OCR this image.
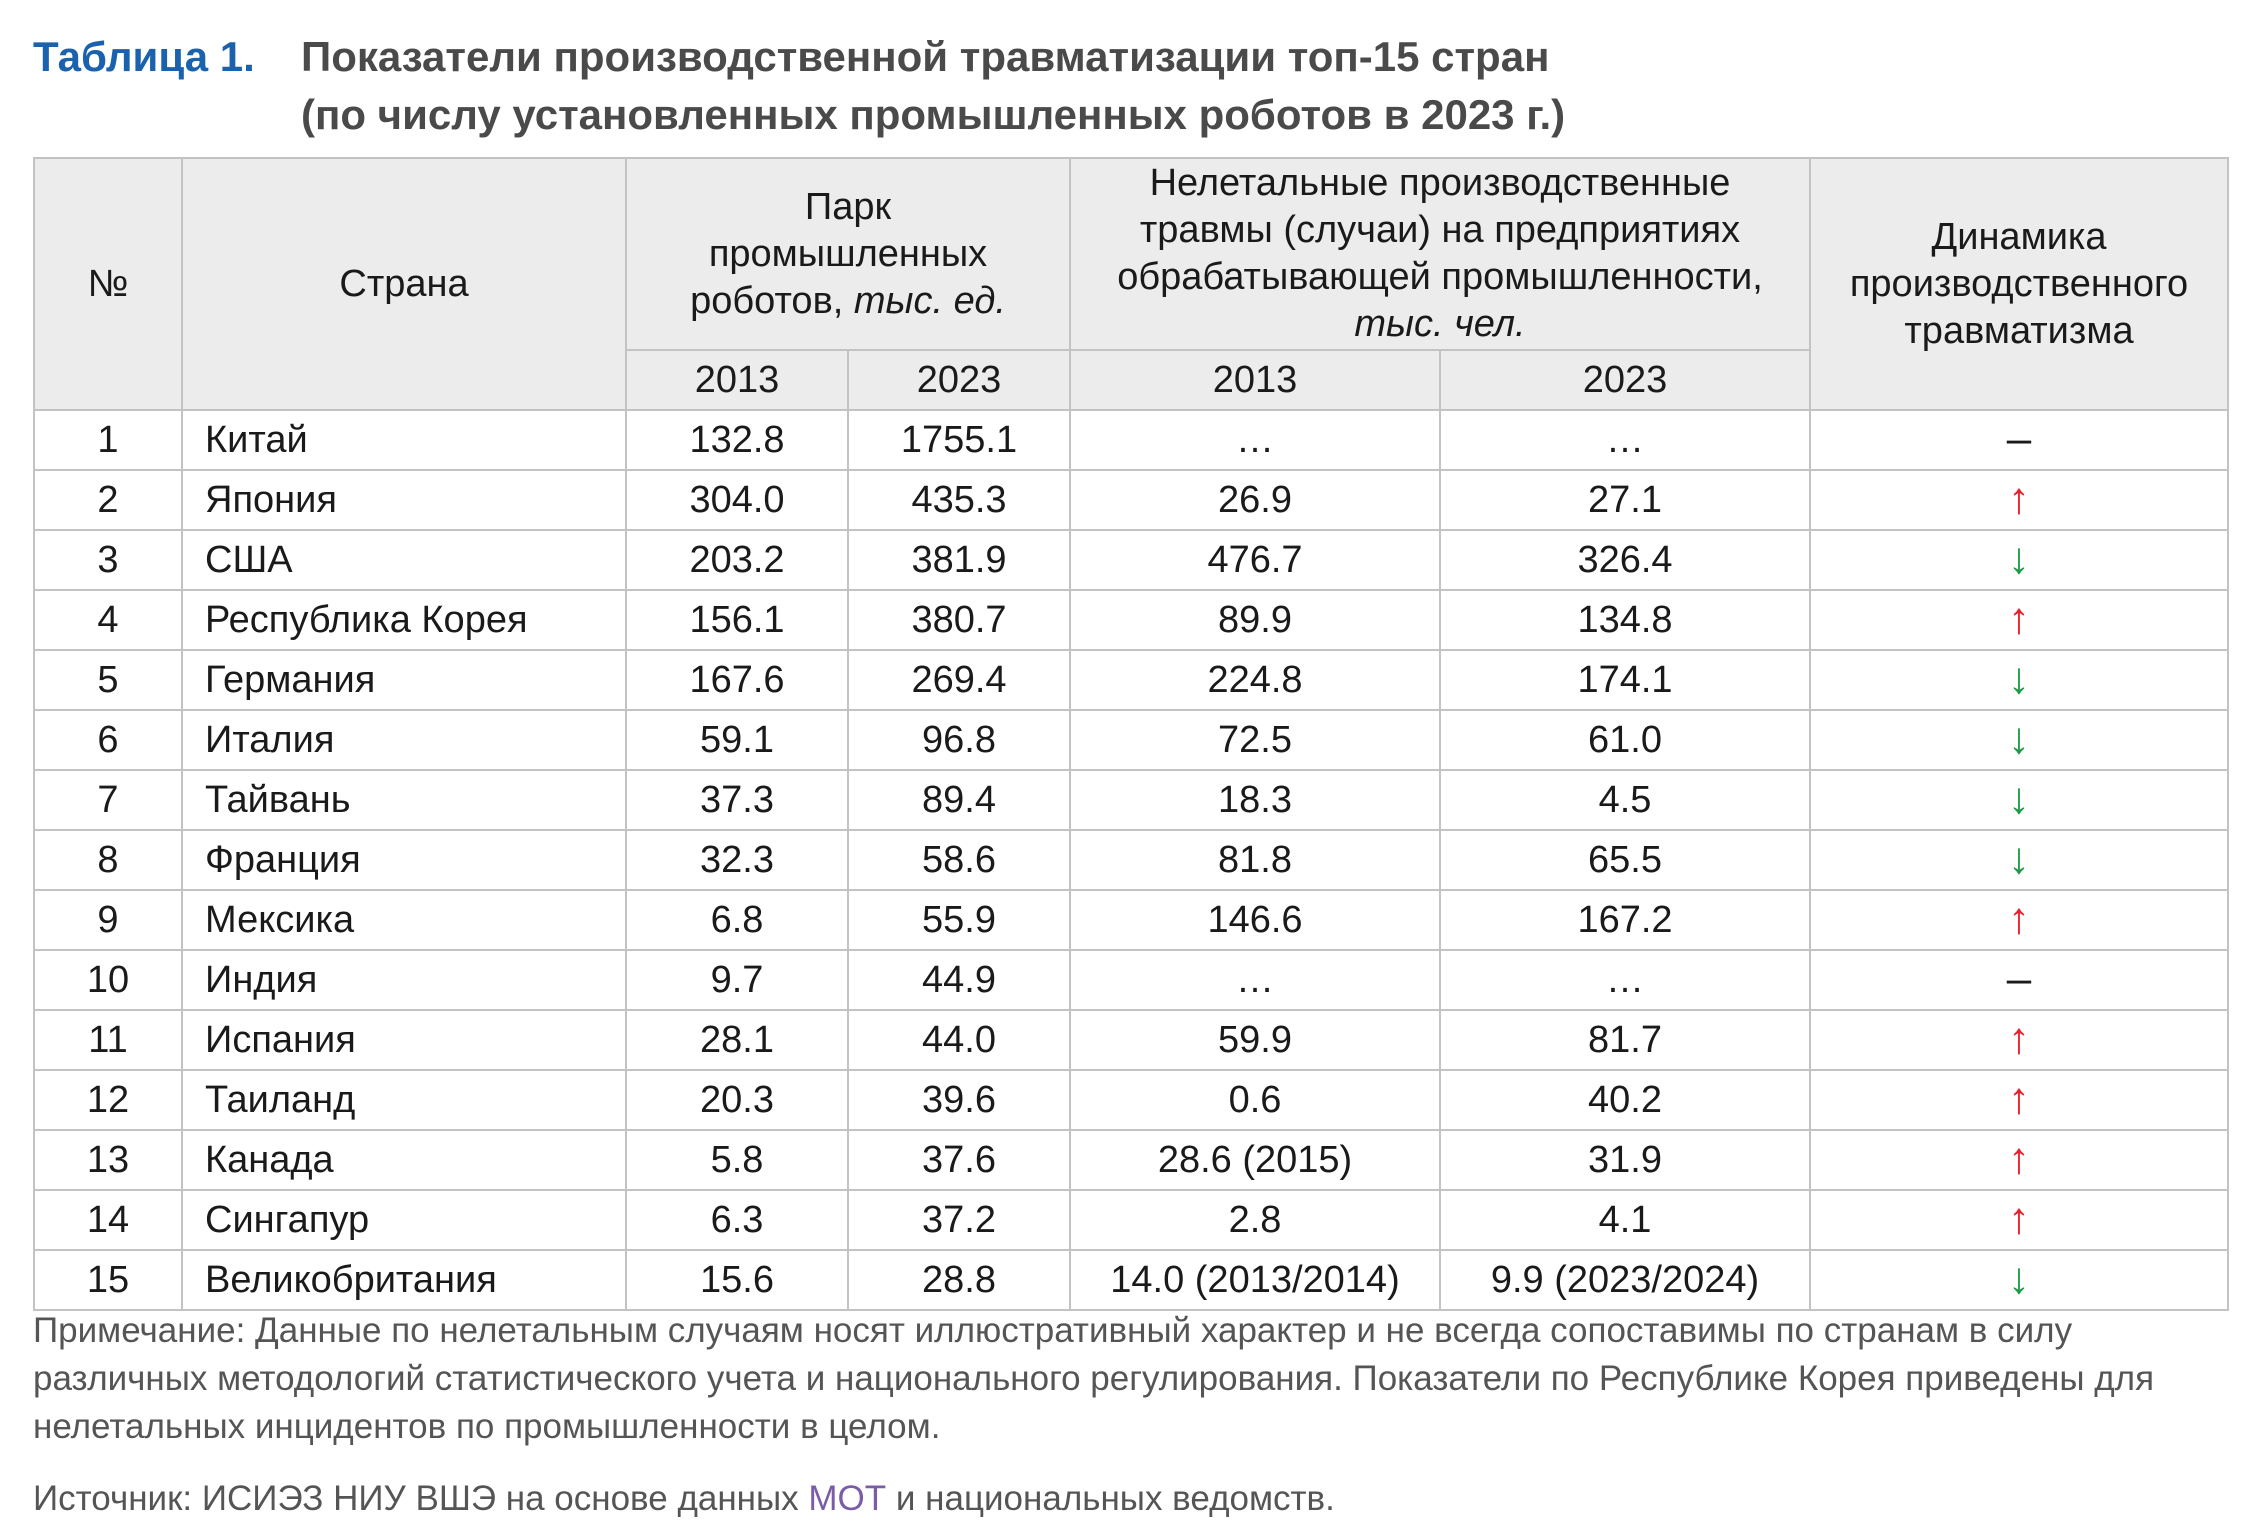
Таблица 1. Показатели производственной травматизации топ-15 стран
(по числу установленных промышленных роботов в 2023 г.)
№	Страна	Парк промышленных роботов, тыс. ед.		Нелетальные производственные травмы (случаи) на предприятиях обрабатывающей промышленности, тыс. чел.		Динамика производственного травматизма

		2013	2023	2013	2023	
1	Китай	132.8	1755.1	…	…	–
2	Япония	304.0	435.3	26.9	27.1	↑
3	США	203.2	381.9	476.7	326.4	↓
4	Республика Корея	156.1	380.7	89.9	134.8	↑
5	Германия	167.6	269.4	224.8	174.1	↓
6	Италия	59.1	96.8	72.5	61.0	↓
7	Тайвань	37.3	89.4	18.3	4.5	↓
8	Франция	32.3	58.6	81.8	65.5	↓
9	Мексика	6.8	55.9	146.6	167.2	↑
10	Индия	9.7	44.9	…	…	–
11	Испания	28.1	44.0	59.9	81.7	↑
12	Таиланд	20.3	39.6	0.6	40.2	↑
13	Канада	5.8	37.6	28.6 (2015)	31.9	↑
14	Сингапур	6.3	37.2	2.8	4.1	↑
15	Великобритания	15.6	28.8	14.0 (2013/2014)	9.9 (2023/2024)	↓
Примечание: Данные по нелетальным случаям носят иллюстративный характер и не всегда сопоставимы по странам в силу различных методологий статистического учета и национального регулирования. Показатели по Республике Корея приведены для нелетальных инцидентов по промышленности в целом.
Источник: ИСИЭЗ НИУ ВШЭ на основе данных МОТ и национальных ведомств.
